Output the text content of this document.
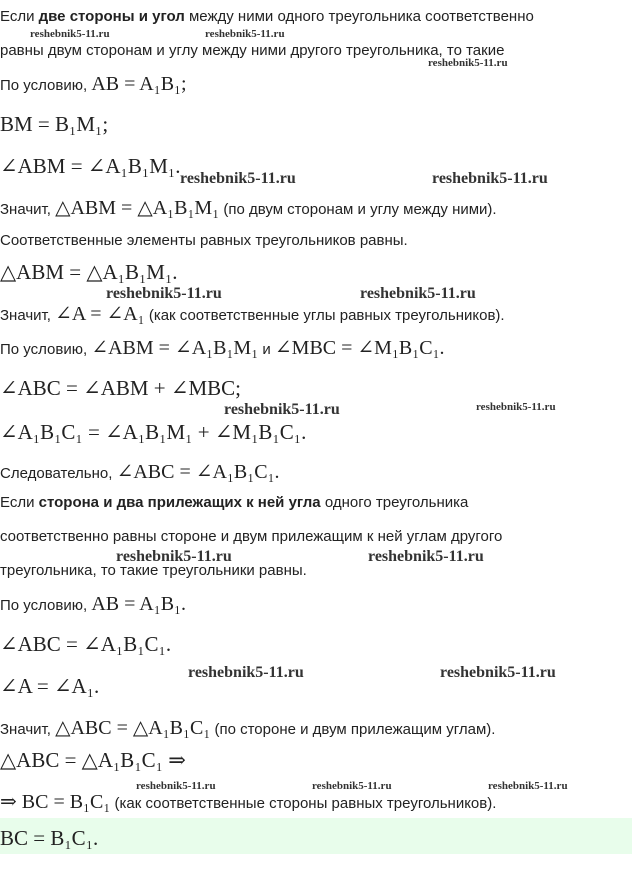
Если две стороны и угол между ними одного треугольника соответственно
равны двум сторонам и углу между ними другого треугольника, то такие
По условию, AB = A₁B₁;
BM = B₁M₁;
∠ABM = ∠A₁B₁M₁.
Значит, △ABM = △A₁B₁M₁ (по двум сторонам и углу между ними).
Соответственные элементы равных треугольников равны.
△ABM = △A₁B₁M₁.
Значит, ∠A = ∠A₁ (как соответственные углы равных треугольников).
По условию, ∠ABM = ∠A₁B₁M₁ и ∠MBC = ∠M₁B₁C₁.
∠ABC = ∠ABM + ∠MBC;
∠A₁B₁C₁ = ∠A₁B₁M₁ + ∠M₁B₁C₁.
Следовательно, ∠ABC = ∠A₁B₁C₁.
Если сторона и два прилежащих к ней угла одного треугольника
соответственно равны стороне и двум прилежащим к ней углам другого
треугольника, то такие треугольники равны.
По условию, AB = A₁B₁.
∠ABC = ∠A₁B₁C₁.
∠A = ∠A₁.
Значит, △ABC = △A₁B₁C₁ (по стороне и двум прилежащим углам).
△ABC = △A₁B₁C₁ ⇒
⇒ BC = B₁C₁ (как соответственные стороны равных треугольников).
BC = B₁C₁.
reshebnik5-11.ru	reshebnik5-11.ru
reshebnik5-11.ru
reshebnik5-11.ru	reshebnik5-11.ru
reshebnik5-11.ru	reshebnik5-11.ru
reshebnik5-11.ru	reshebnik5-11.ru
reshebnik5-11.ru	reshebnik5-11.ru
reshebnik5-11.ru	reshebnik5-11.ru
reshebnik5-11.ru	reshebnik5-11.ru	reshebnik5-11.ru
